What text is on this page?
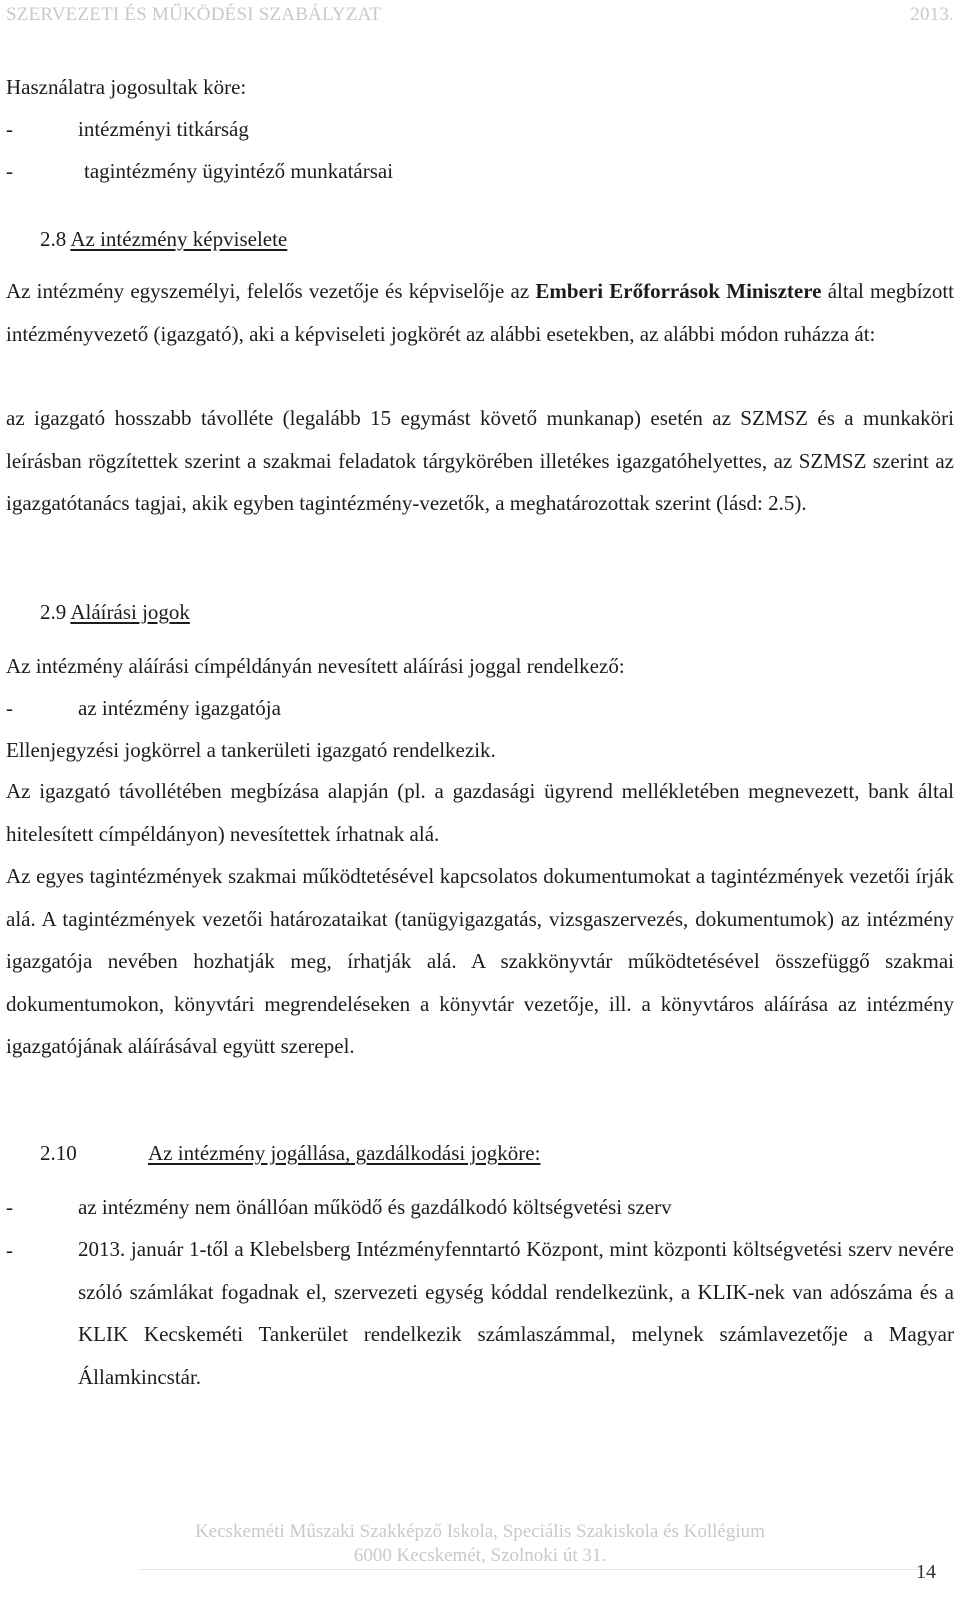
SZERVEZETI ÉS MŰKÖDÉSI SZABÁLYZAT	2013.
Használatra jogosultak köre:
-	intézményi titkárság
-	tagintézmény ügyintéző munkatársai
2.8 Az intézmény képviselete
Az intézmény egyszemélyi, felelős vezetője és képviselője az Emberi Erőforrások Minisztere által megbízott intézményvezető (igazgató), aki a képviseleti jogkörét az alábbi esetekben, az alábbi módon ruházza át:
az igazgató hosszabb távolléte (legalább 15 egymást követő munkanap) esetén az SZMSZ és a munkaköri leírásban rögzítettek szerint a szakmai feladatok tárgykörében illetékes igazgatóhelyettes, az SZMSZ szerint az igazgatótanács tagjai, akik egyben tagintézmény-vezetők, a meghatározottak szerint (lásd: 2.5).
2.9 Aláírási jogok
Az intézmény aláírási címpéldányán nevesített aláírási joggal rendelkező:
-	az intézmény igazgatója
Ellenjegyzési jogkörrel a tankerületi igazgató rendelkezik.
Az igazgató távollétében megbízása alapján (pl. a gazdasági ügyrend mellékletében megnevezett, bank által hitelesített címpéldányon) nevesítettek írhatnak alá.
Az egyes tagintézmények szakmai működtetésével kapcsolatos dokumentumokat a tagintézmények vezetői írják alá. A tagintézmények vezetői határozataikat (tanügyigazgatás, vizsgaszervezés, dokumentumok) az intézmény igazgatója nevében hozhatják meg, írhatják alá. A szakkönyvtár működtetésével összefüggő szakmai dokumentumokon, könyvtári megrendeléseken a könyvtár vezetője, ill. a könyvtáros aláírása az intézmény igazgatójának aláírásával együtt szerepel.
2.10	Az intézmény jogállása, gazdálkodási jogköre:
-	az intézmény nem önállóan működő és gazdálkodó költségvetési szerv
-	2013. január 1-től a Klebelsberg Intézményfenntartó Központ, mint központi költségvetési szerv nevére szóló számlákat fogadnak el, szervezeti egység kóddal rendelkezünk, a KLIK-nek van adószáma és a KLIK Kecskeméti Tankerület rendelkezik számlaszámmal, melynek számlavezetője a Magyar Államkincstár.
Kecskeméti Műszaki Szakképző Iskola, Speciális Szakiskola és Kollégium
6000 Kecskemét, Szolnoki út 31.
14
